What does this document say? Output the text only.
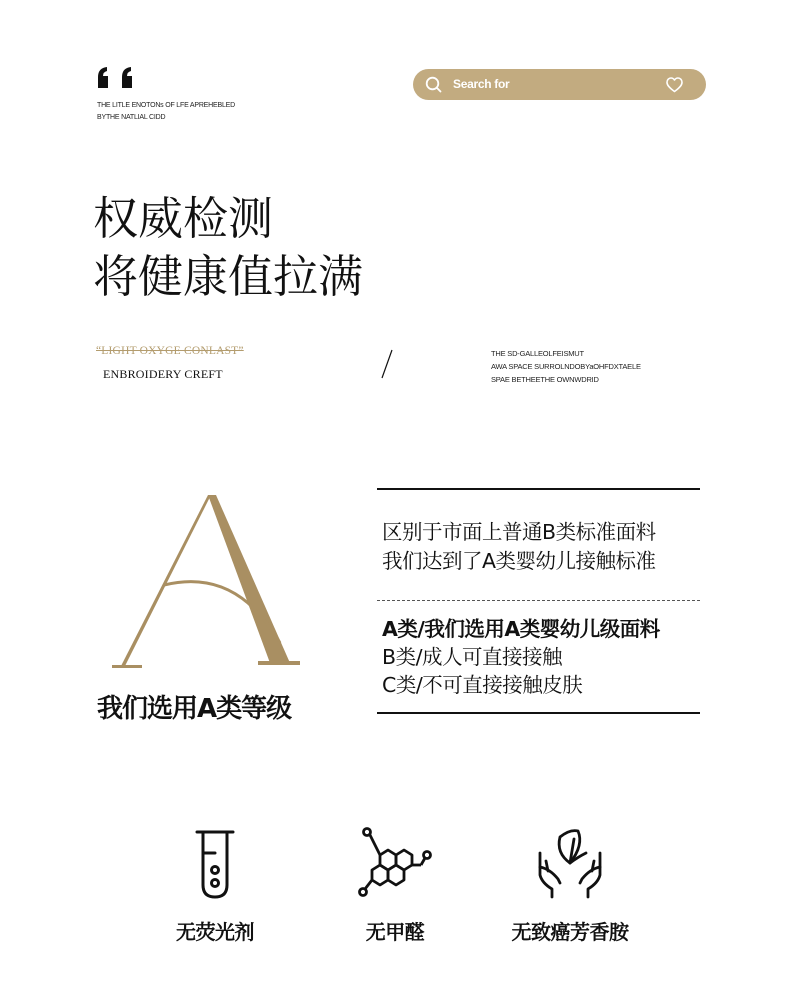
THE LITLE ENOTONs OF LFE APREHEBLED
BYTHE NATLIAL CIDD
Search for
权威检测
将健康值拉满
“LIGHT OXYGE CONLAST”
ENBROIDERY CREFT
THE SD-GALLEOLFEISMUT
AWA SPACE SURROLNDOBYaOHFDXTAELE
SPAE BETHEETHE OWNWDRID
我们选用A类等级
区别于市面上普通B类标准面料
我们达到了A类婴幼儿接触标准
A类/我们选用A类婴幼儿级面料
B类/成人可直接接触
C类/不可直接接触皮肤
无荧光剂	无甲醛	无致癌芳香胺
